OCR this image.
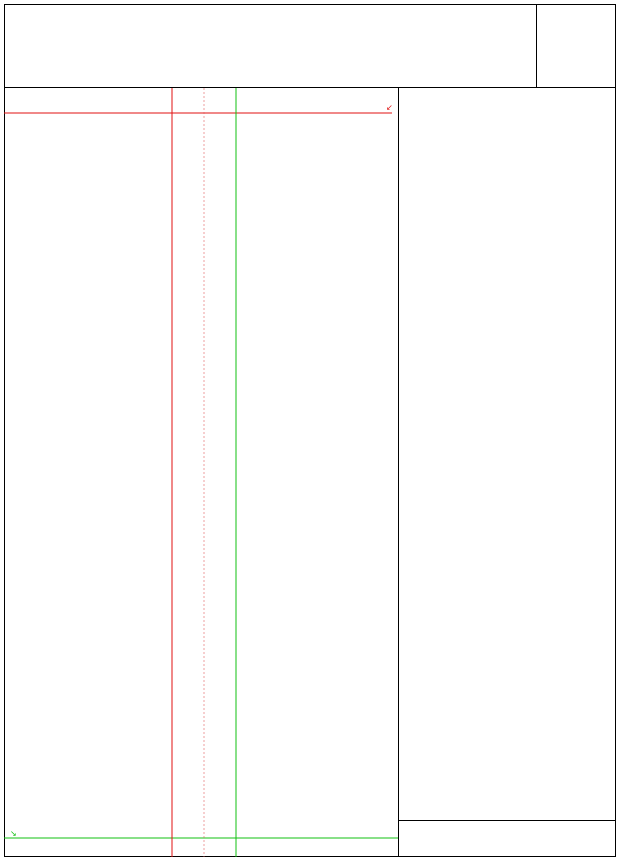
↙
↘
